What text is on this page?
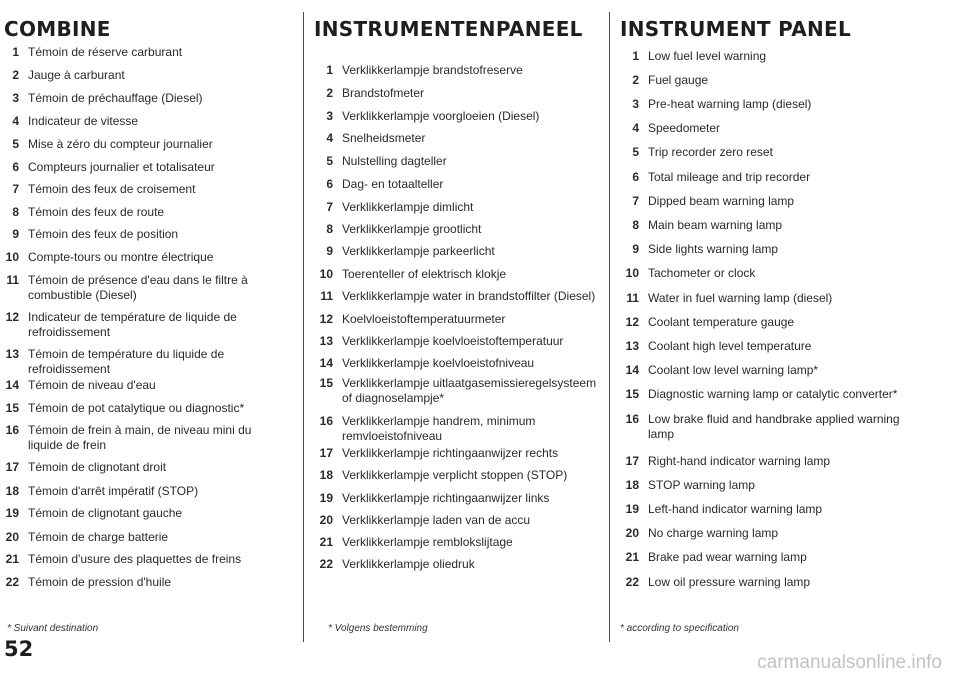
COMBINE
1 Témoin de réserve carburant
2 Jauge à carburant
3 Témoin de préchauffage (Diesel)
4 Indicateur de vitesse
5 Mise à zéro du compteur journalier
6 Compteurs journalier et totalisateur
7 Témoin des feux de croisement
8 Témoin des feux de route
9 Témoin des feux de position
10 Compte-tours ou montre électrique
11 Témoin de présence d'eau dans le filtre à
combustible (Diesel)
12 Indicateur de température de liquide de
refroidissement
13 Témoin de température du liquide de
refroidissement
14 Témoin de niveau d'eau
15 Témoin de pot catalytique ou diagnostic*
16 Témoin de frein à main, de niveau mini du
liquide de frein
17 Témoin de clignotant droit
18 Témoin d'arrêt impératif (STOP)
19 Témoin de clignotant gauche
20 Témoin de charge batterie
21 Témoin d'usure des plaquettes de freins
22 Témoin de pression d'huile
* Suivant destination
INSTRUMENTENPANEEL
1 Verklikkerlampje brandstofreserve
2 Brandstofmeter
3 Verklikkerlampje voorgloeien (Diesel)
4 Snelheidsmeter
5 Nulstelling dagteller
6 Dag- en totaalteller
7 Verklikkerlampje dimlicht
8 Verklikkerlampje grootlicht
9 Verklikkerlampje parkeerlicht
10 Toerenteller of elektrisch klokje
11 Verklikkerlampje water in brandstoffilter (Diesel)
12 Koelvloeistoftemperatuurmeter
13 Verklikkerlampje koelvloeistoftemperatuur
14 Verklikkerlampje koelvloeistofniveau
15 Verklikkerlampje uitlaatgasemissieregelsysteem
of diagnoselampje*
16 Verklikkerlampje handrem, minimum
remvloeistofniveau
17 Verklikkerlampje richtingaanwijzer rechts
18 Verklikkerlampje verplicht stoppen (STOP)
19 Verklikkerlampje richtingaanwijzer links
20 Verklikkerlampje laden van de accu
21 Verklikkerlampje remblokslijtage
22 Verklikkerlampje oliedruk
* Volgens bestemming
INSTRUMENT PANEL
1 Low fuel level warning
2 Fuel gauge
3 Pre-heat warning lamp (diesel)
4 Speedometer
5 Trip recorder zero reset
6 Total mileage and trip recorder
7 Dipped beam warning lamp
8 Main beam warning lamp
9 Side lights warning lamp
10 Tachometer or clock
11 Water in fuel warning lamp (diesel)
12 Coolant temperature gauge
13 Coolant high level temperature
14 Coolant low level warning lamp*
15 Diagnostic warning lamp or catalytic converter*
16 Low brake fluid and handbrake applied warning
lamp
17 Right-hand indicator warning lamp
18 STOP warning lamp
19 Left-hand indicator warning lamp
20 No charge warning lamp
21 Brake pad wear warning lamp
22 Low oil pressure warning lamp
* according to specification
52
carmanualsonline.info
